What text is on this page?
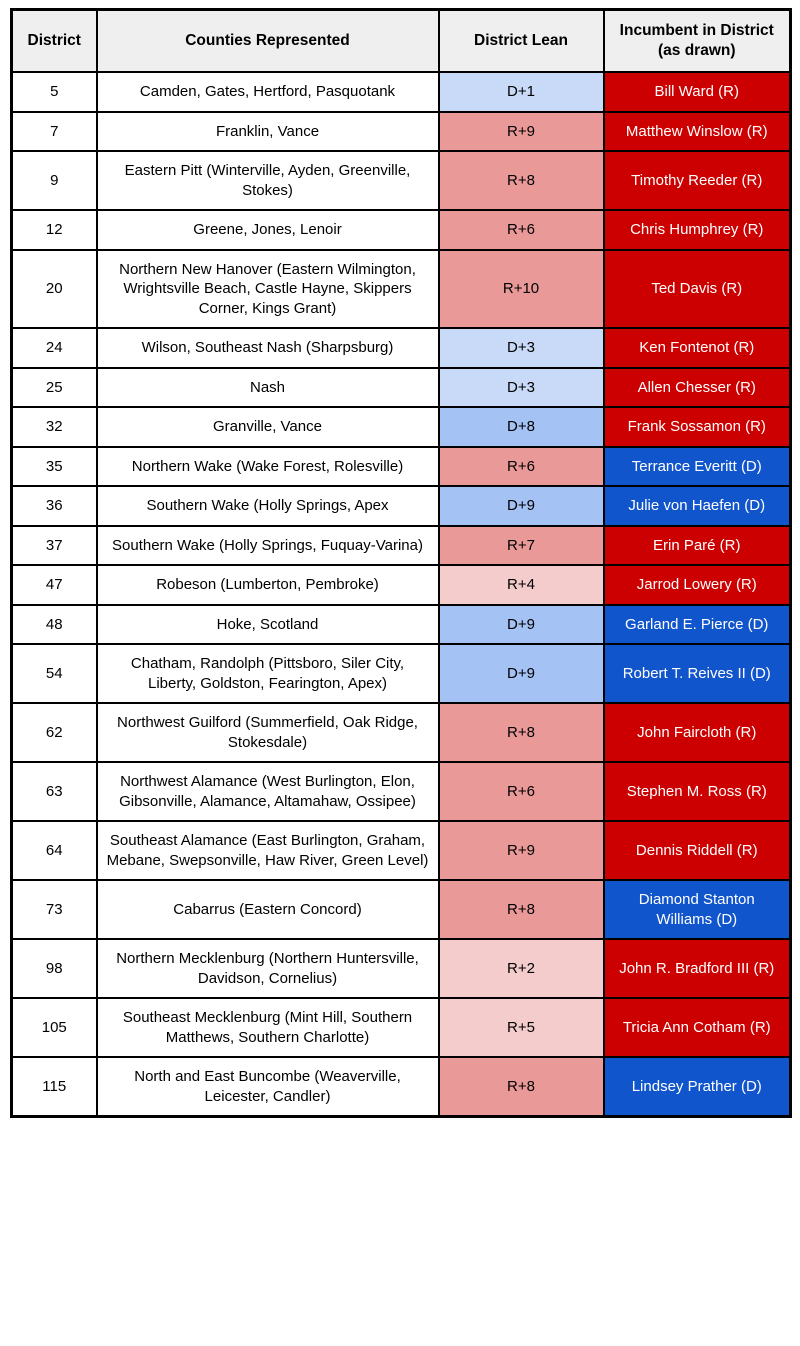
District	Counties Represented	District Lean	Incumbent in District (as drawn)
5	Camden, Gates, Hertford, Pasquotank	D+1	Bill Ward (R)
7	Franklin, Vance	R+9	Matthew Winslow (R)
9	Eastern Pitt (Winterville, Ayden, Greenville, Stokes)	R+8	Timothy Reeder (R)
12	Greene, Jones, Lenoir	R+6	Chris Humphrey (R)
20	Northern New Hanover (Eastern Wilmington, Wrightsville Beach, Castle Hayne, Skippers Corner, Kings Grant)	R+10	Ted Davis (R)
24	Wilson, Southeast Nash (Sharpsburg)	D+3	Ken Fontenot (R)
25	Nash	D+3	Allen Chesser (R)
32	Granville, Vance	D+8	Frank Sossamon (R)
35	Northern Wake (Wake Forest, Rolesville)	R+6	Terrance Everitt (D)
36	Southern Wake (Holly Springs, Apex	D+9	Julie von Haefen (D)
37	Southern Wake (Holly Springs, Fuquay-Varina)	R+7	Erin Paré (R)
47	Robeson (Lumberton, Pembroke)	R+4	Jarrod Lowery (R)
48	Hoke, Scotland	D+9	Garland E. Pierce (D)
54	Chatham, Randolph (Pittsboro, Siler City, Liberty, Goldston, Fearington, Apex)	D+9	Robert T. Reives II (D)
62	Northwest Guilford (Summerfield, Oak Ridge, Stokesdale)	R+8	John Faircloth (R)
63	Northwest Alamance (West Burlington, Elon, Gibsonville, Alamance, Altamahaw, Ossipee)	R+6	Stephen M. Ross (R)
64	Southeast Alamance (East Burlington, Graham, Mebane, Swepsonville, Haw River, Green Level)	R+9	Dennis Riddell (R)
73	Cabarrus (Eastern Concord)	R+8	Diamond Stanton Williams (D)
98	Northern Mecklenburg (Northern Huntersville, Davidson, Cornelius)	R+2	John R. Bradford III (R)
105	Southeast Mecklenburg (Mint Hill, Southern Matthews, Southern Charlotte)	R+5	Tricia Ann Cotham (R)
115	North and East Buncombe (Weaverville, Leicester, Candler)	R+8	Lindsey Prather (D)
